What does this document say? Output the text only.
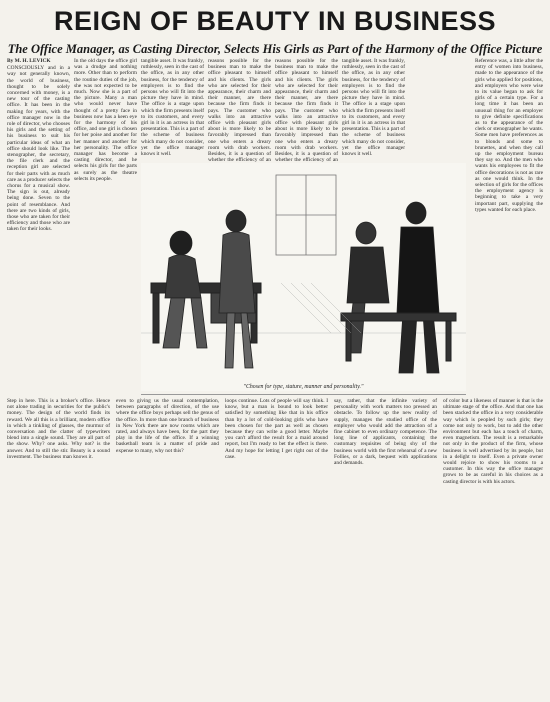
REIGN OF BEAUTY IN BUSINESS
The Office Manager, as Casting Director, Selects His Girls as Part of the Harmony of the Office Picture
By M. H. LEVICK
CONSCIOUSLY and in a way not generally known, the world of business, thought to be solely concerned with money, is a new tour of the casting office. It has been in the making for years, with the office manager now in the role of director, who chooses his girls and the setting of his business to suit his particular ideas of what an office should look like. The stenographer, the secretary, the file clerk and the reception girl are selected for their parts with as much care as a producer selects the chorus for a musical show. The sign is out, already being done. Seven to the point of resemblance. And there are two kinds of girls, those who are taken for their efficiency and those who are taken for their looks.
In the old days the office girl was a drudge and nothing more. Other than to perform the routine duties of the job, she was not expected to be much. Now she is a part of the picture. Many a man who would never have thought of a pretty face in business now has a keen eye for the harmony of his office, and one girl is chosen for her poise and another for her manner and another for her personality. The office manager has become a casting director, and he selects his girls for the parts as surely as the theatre selects its people.
tangible asset. It was frankly, ruthlessly, seen in the cast of the office, as in any other business, for the tendency of employers is to find the persons who will fit into the picture they have in mind. The office is a stage upon which the firm presents itself to its customers, and every girl in it is an actress in that presentation. This is a part of the scheme of business which many do not consider, yet the office manager knows it well.
reasons possible for the business man to make the office pleasant to himself and his clients. The girls who are selected for their appearance, their charm and their manner, are there because the firm finds it pays. The customer who walks into an attractive office with pleasant girls about is more likely to be favorably impressed than one who enters a dreary room with drab workers. Besides, it is a question of whether the efficiency of an
reasons possible for the business man to make the office pleasant to himself and his clients. The girls who are selected for their appearance, their charm and their manner, are there because the firm finds it pays. The customer who walks into an attractive office with pleasant girls about is more likely to be favorably impressed than one who enters a dreary room with drab workers. Besides, it is a question of whether the efficiency of an
tangible asset. It was frankly, ruthlessly, seen in the cast of the office, as in any other business, for the tendency of employers is to find the persons who will fit into the picture they have in mind. The office is a stage upon which the firm presents itself to its customers, and every girl in it is an actress in that presentation. This is a part of the scheme of business which many do not consider, yet the office manager knows it well.
Reference was, a little after the entry of women into business, made to the appearance of the girls who applied for positions, and employers who were wise to its value began to ask for girls of a certain type. For a long time it has been an unusual thing for an employer to give definite specifications as to the appearance of the clerk or stenographer he wants. Some men have preferences as to blonds and some to brunettes, and when they call up the employment bureau they say so. And the men who wants his employees to fit the office decorations is not as rare as one would think. In the selection of girls for the offices the employment agency is beginning to take a very important part, supplying the types wanted for each place.
"Chosen for type, stature, manner and personality."
Step in here. This is a broker's office. Hence not alone trading in securities for the public's money. The design of the world finds its reward. We all this is a brilliant, modern office in which a tinkling of glasses, the murmur of conversation and the clatter of typewriters blend into a single sound. They are all part of the show. Why? one asks. Why not? is the answer. And to still the stir. Beauty is a sound investment. The business man knows it.
even to giving us the usual contemplation, between paragraphs of direction, of the use where the office boys perhaps sell the genus of the office. In more than one branch of business in New York there are now rooms which are rated, and always have been, for the part they play in the life of the office. If a winning basketball team is a matter of pride and expense to many, why not this?
loops continue. Lots of people will say think. I know, but a man is bound to look better satisfied by something like that in his office than by a lot of cold-looking girls who have been chosen for the part as well as chosen because they can write a good letter. Maybe you can't afford the result for a maid around report, but I'm ready to bet the effect is there. And my hope for letting I get right out of the case.
say, rather, that the infinite variety of personality with work matters too pressed an obstacle. To follow up the new reality of supply, manages the studied office of the employer who would add the attraction of a fine cabinet to even ordinary competence. The long line of applicants, containing the customary requisites of being shy of the business world with the first rehearsal of a new Follies, or a dark, bequest with applications and demands.
of color but a likeness of manner is that is the ultimate stage of the office. And that one has been stacked the office in a very considerable way which is peopled by such girls; they come not only to work, but to add the other environment but each has a touch of charm, even magnetism. The result is a remarkable not only in the product of the firm, whose business is well advertised by its people, but in a delight to itself. Even a private owner would rejoice to show his rooms to a customer. In this way the office manager grows to be as careful in his choices as a casting director is with his actors.
